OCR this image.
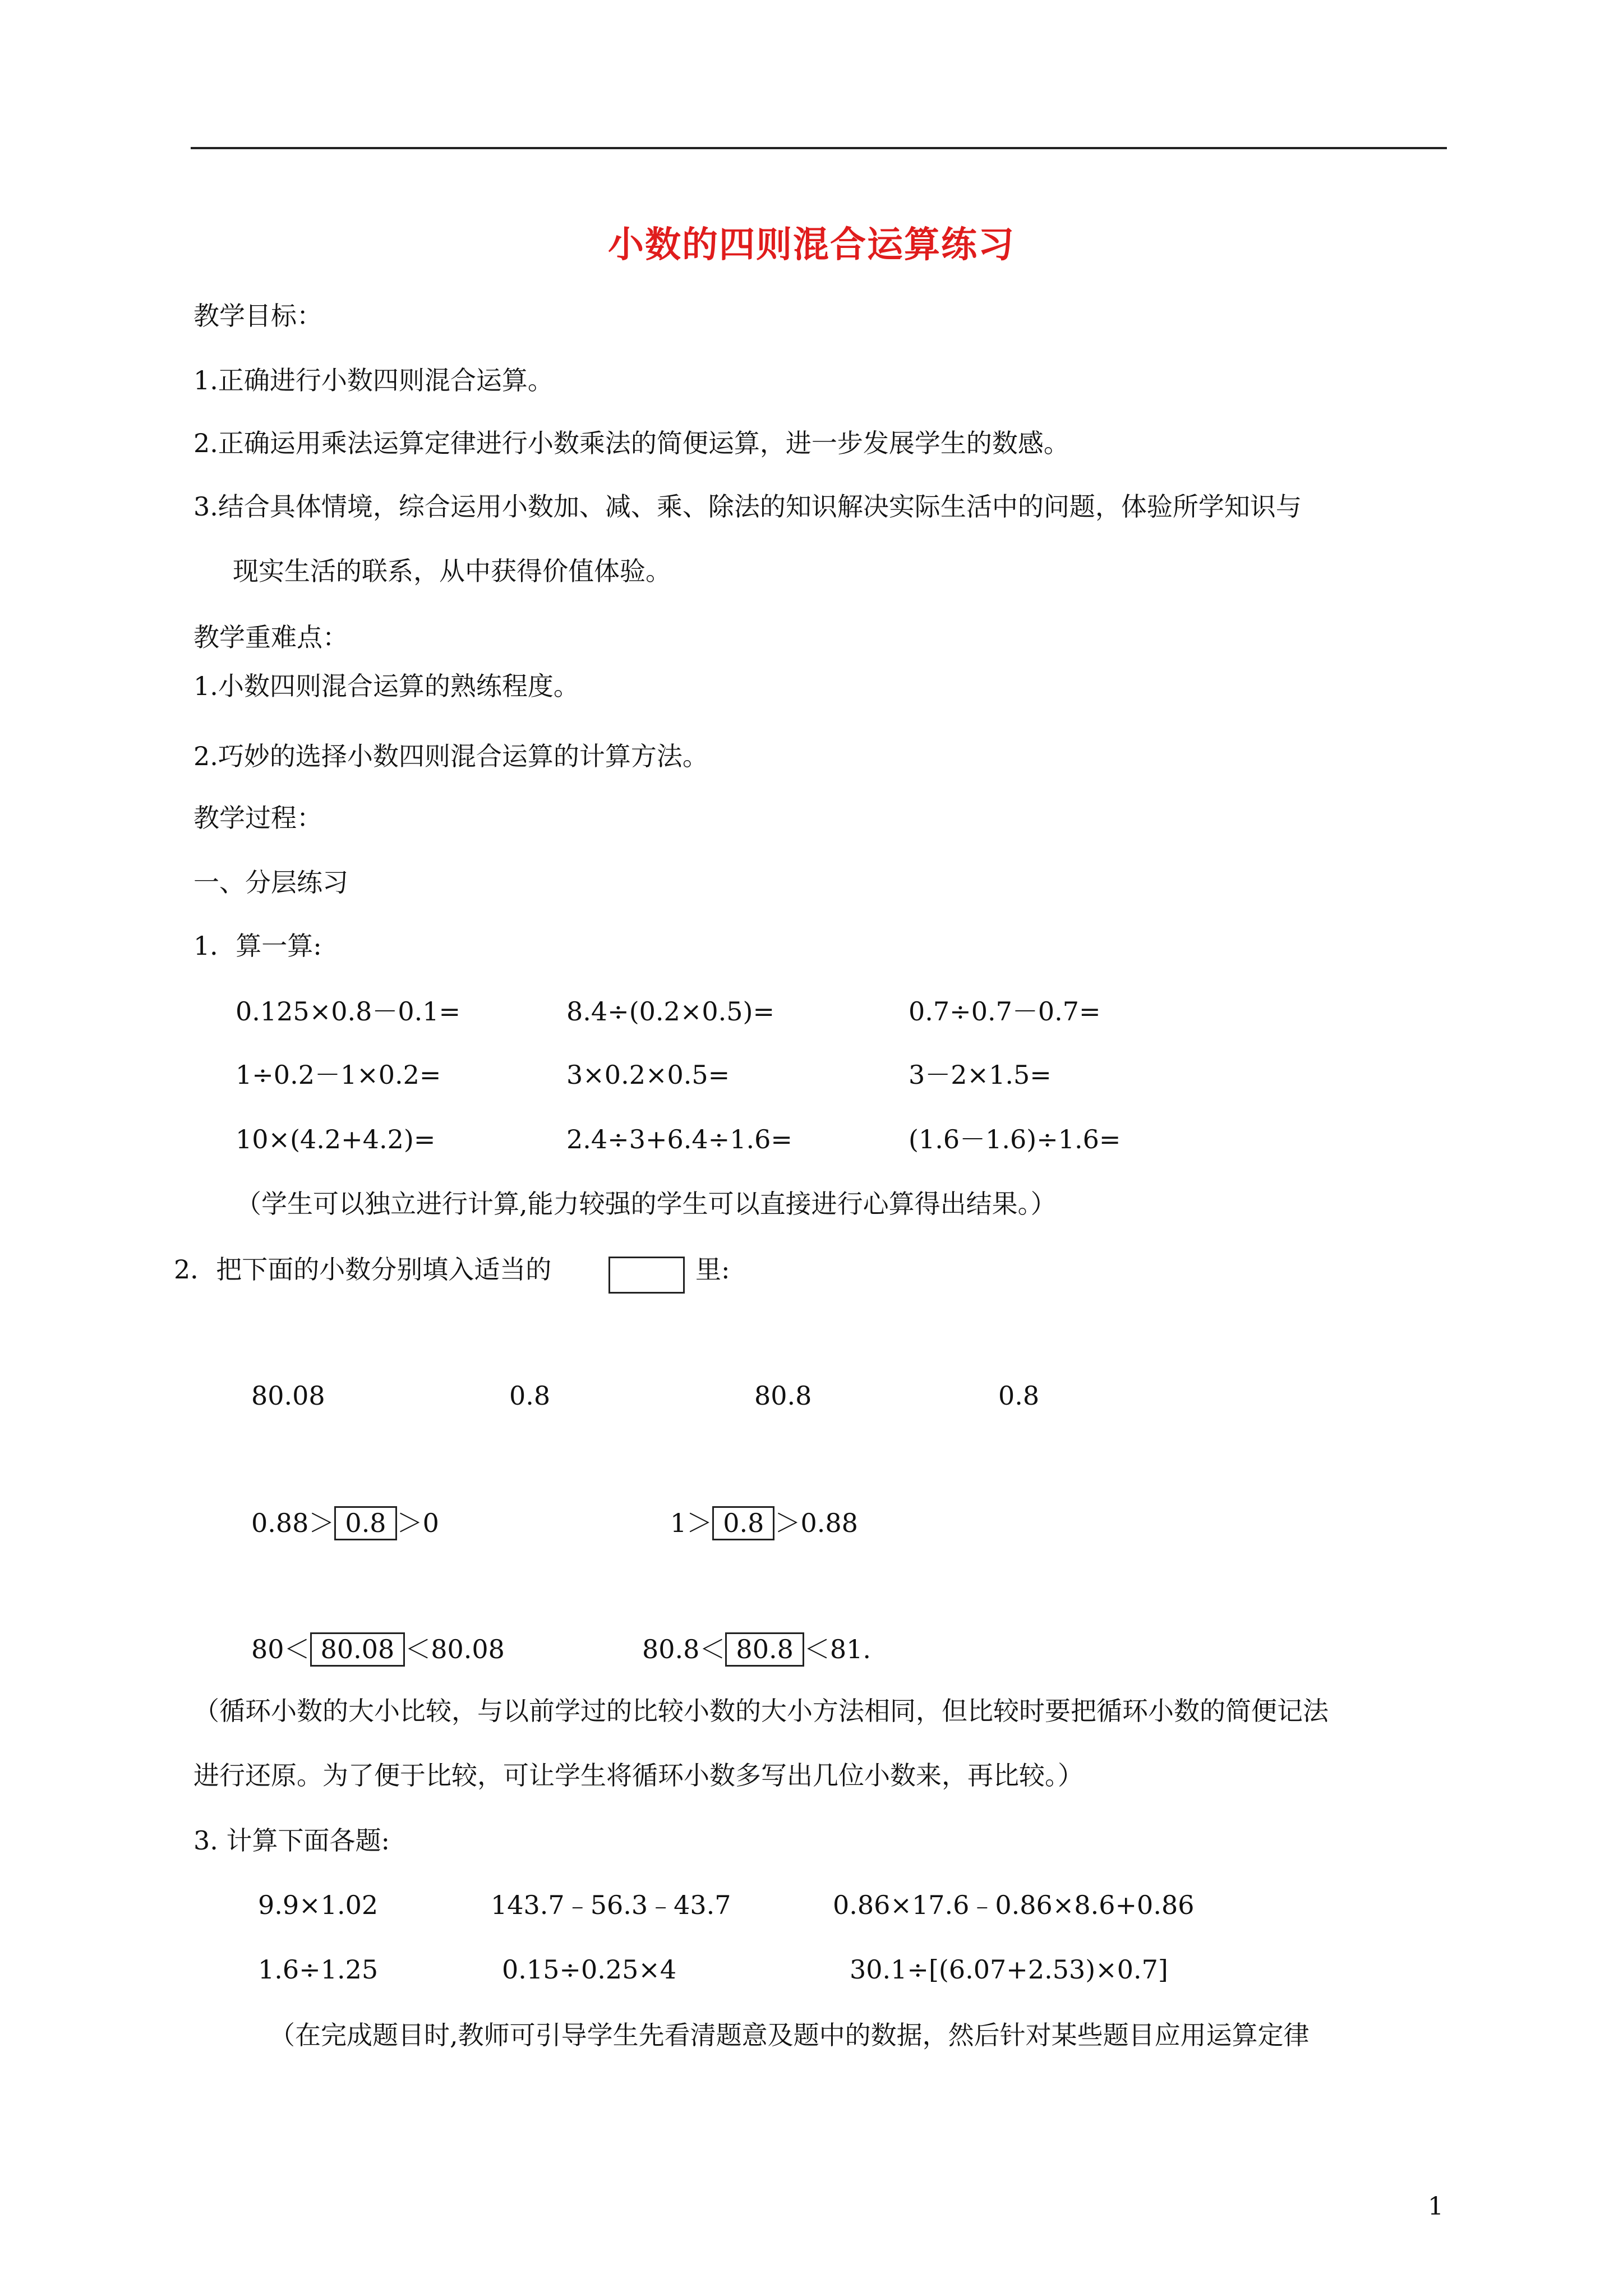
小数的四则混合运算练习
教学目标：
1.正确进行小数四则混合运算。
2.正确运用乘法运算定律进行小数乘法的简便运算，进一步发展学生的数感。
3.结合具体情境，综合运用小数加、减、乘、除法的知识解决实际生活中的问题，体验所学知识与
现实生活的联系，从中获得价值体验。
教学重难点：
1.小数四则混合运算的熟练程度。
2.巧妙的选择小数四则混合运算的计算方法。
教学过程：
一、分层练习
1．算一算:
0.125×0.8－0.1=	8.4÷(0.2×0.5)=	0.7÷0.7－0.7=
1÷0.2－1×0.2=	3×0.2×0.5=	3－2×1.5=
10×(4.2+4.2)=	2.4÷3+6.4÷1.6=	(1.6－1.6)÷1.6=
（学生可以独立进行计算,能力较强的学生可以直接进行心算得出结果。）
2．把下面的小数分别填入适当的	里:
80.08	0.8	80.8	0.8
0.88＞ 0.8 ＞0	1＞ 0.8 ＞0.88
80＜ 80.08 ＜80.08	80.8＜ 80.8 ＜81.
（循环小数的大小比较，与以前学过的比较小数的大小方法相同，但比较时要把循环小数的简便记法
进行还原。为了便于比较，可让学生将循环小数多写出几位小数来，再比较。）
3. 计算下面各题:
9.9×1.02	143.7﹣56.3﹣43.7	0.86×17.6﹣0.86×8.6+0.86
1.6÷1.25	0.15÷0.25×4	30.1÷[(6.07+2.53)×0.7]
（在完成题目时,教师可引导学生先看清题意及题中的数据，然后针对某些题目应用运算定律
1
